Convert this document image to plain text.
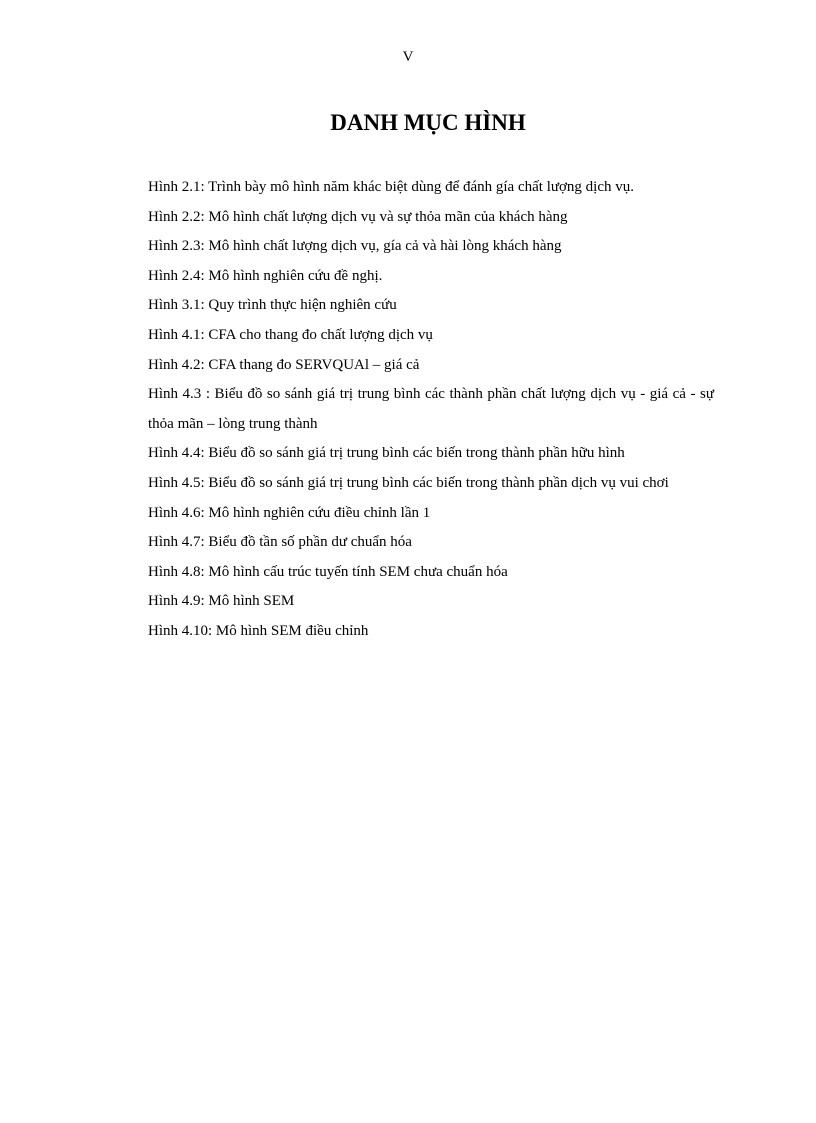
V
DANH MỤC HÌNH
Hình 2.1: Trình bày mô hình năm khác biệt dùng để đánh gía chất lượng dịch vụ.
Hình 2.2: Mô hình chất lượng dịch vụ và sự thỏa mãn của khách hàng
Hình 2.3: Mô hình chất lượng dịch vụ, gía cả và hài lòng khách hàng
Hình 2.4: Mô hình nghiên cứu đề nghị.
Hình 3.1: Quy trình thực hiện nghiên cứu
Hình 4.1: CFA cho thang đo chất lượng dịch vụ
Hình 4.2: CFA thang đo SERVQUAl – giá cả
Hình 4.3 : Biểu đồ so sánh giá trị trung bình các thành phần chất lượng dịch vụ - giá cả - sự thỏa mãn – lòng trung thành
Hình 4.4: Biểu đồ so sánh giá trị trung bình các biến trong thành phần hữu hình
Hình 4.5: Biểu đồ so sánh giá trị trung bình các biến trong thành phần dịch vụ vui chơi
Hình 4.6: Mô hình nghiên cứu điều chỉnh lần 1
Hình 4.7: Biểu đồ tần số phần dư chuẩn hóa
Hình 4.8: Mô hình cấu trúc tuyến tính SEM chưa chuẩn hóa
Hình 4.9: Mô hình SEM
Hình 4.10: Mô hình SEM điều chỉnh
